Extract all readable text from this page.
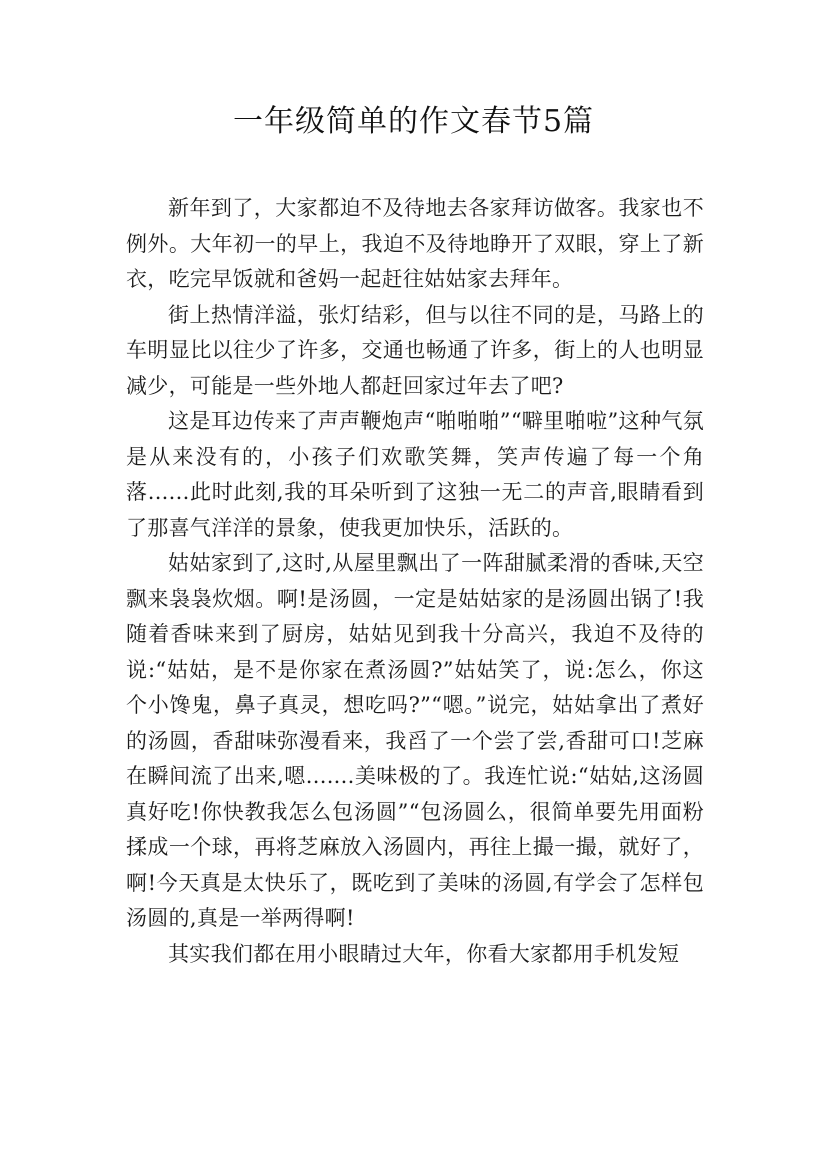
一年级简单的作文春节5篇

新年到了，大家都迫不及待地去各家拜访做客。我家也不例外。大年初一的早上，我迫不及待地睁开了双眼，穿上了新衣，吃完早饭就和爸妈一起赶往姑姑家去拜年。

街上热情洋溢，张灯结彩，但与以往不同的是，马路上的车明显比以往少了许多，交通也畅通了许多，街上的人也明显减少，可能是一些外地人都赶回家过年去了吧?

这是耳边传来了声声鞭炮声“啪啪啪”“噼里啪啦”这种气氛是从来没有的，小孩子们欢歌笑舞，笑声传遍了每一个角落......此时此刻,我的耳朵听到了这独一无二的声音,眼睛看到了那喜气洋洋的景象，使我更加快乐，活跃的。

姑姑家到了,这时,从屋里飘出了一阵甜腻柔滑的香味,天空飘来袅袅炊烟。啊!是汤圆，一定是姑姑家的是汤圆出锅了!我随着香味来到了厨房，姑姑见到我十分高兴，我迫不及待的说:“姑姑，是不是你家在煮汤圆?”姑姑笑了，说:怎么，你这个小馋鬼，鼻子真灵，想吃吗?”“嗯。”说完，姑姑拿出了煮好的汤圆，香甜味弥漫看来，我舀了一个尝了尝,香甜可口!芝麻在瞬间流了出来,嗯.......美味极的了。我连忙说:“姑姑,这汤圆真好吃!你快教我怎么包汤圆”“包汤圆么，很简单要先用面粉揉成一个球，再将芝麻放入汤圆内，再往上撮一撮，就好了，啊!今天真是太快乐了，既吃到了美味的汤圆,有学会了怎样包汤圆的,真是一举两得啊!

其实我们都在用小眼睛过大年，你看大家都用手机发短
